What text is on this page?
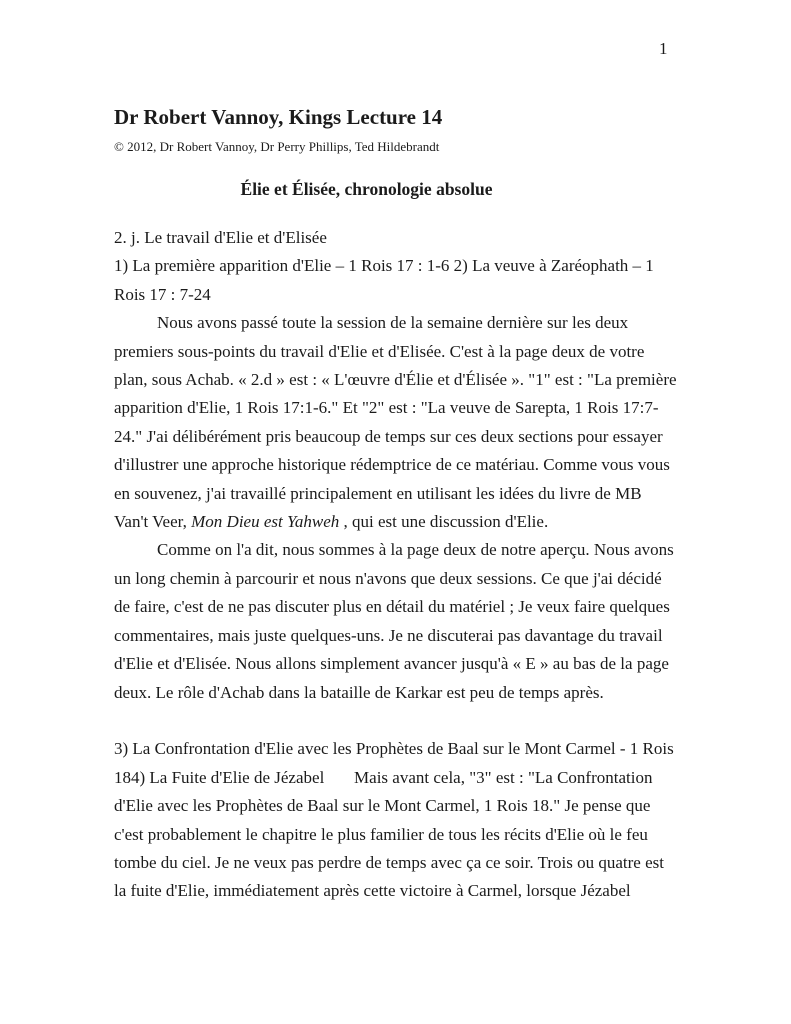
1
Dr Robert Vannoy, Kings Lecture 14
© 2012, Dr Robert Vannoy, Dr Perry Phillips, Ted Hildebrandt
Élie et Élisée, chronologie absolue
2. j. Le travail d'Elie et d'Elisée
1) La première apparition d'Elie – 1 Rois 17 : 1-6 2) La veuve à Zaréophath – 1
Rois 17 : 7-24
Nous avons passé toute la session de la semaine dernière sur les deux
premiers sous-points du travail d'Elie et d'Elisée. C'est à la page deux de votre
plan, sous Achab. « 2.d » est : « L'œuvre d'Élie et d'Élisée ». "1" est : "La première
apparition d'Elie, 1 Rois 17:1-6." Et "2" est : "La veuve de Sarepta, 1 Rois 17:7-
24." J'ai délibérément pris beaucoup de temps sur ces deux sections pour essayer
d'illustrer une approche historique rédemptrice de ce matériau. Comme vous vous
en souvenez, j'ai travaillé principalement en utilisant les idées du livre de MB
Van't Veer, Mon Dieu est Yahweh , qui est une discussion d'Elie.
Comme on l'a dit, nous sommes à la page deux de notre aperçu. Nous avons
un long chemin à parcourir et nous n'avons que deux sessions. Ce que j'ai décidé
de faire, c'est de ne pas discuter plus en détail du matériel ; Je veux faire quelques
commentaires, mais juste quelques-uns. Je ne discuterai pas davantage du travail
d'Elie et d'Elisée. Nous allons simplement avancer jusqu'à « E » au bas de la page
deux. Le rôle d'Achab dans la bataille de Karkar est peu de temps après.
3) La Confrontation d'Elie avec les Prophètes de Baal sur le Mont Carmel - 1 Rois
184) La Fuite d'Elie de Jézabel       Mais avant cela, "3" est : "La Confrontation
d'Elie avec les Prophètes de Baal sur le Mont Carmel, 1 Rois 18." Je pense que
c'est probablement le chapitre le plus familier de tous les récits d'Elie où le feu
tombe du ciel. Je ne veux pas perdre de temps avec ça ce soir. Trois ou quatre est
la fuite d'Elie, immédiatement après cette victoire à Carmel, lorsque Jézabel
